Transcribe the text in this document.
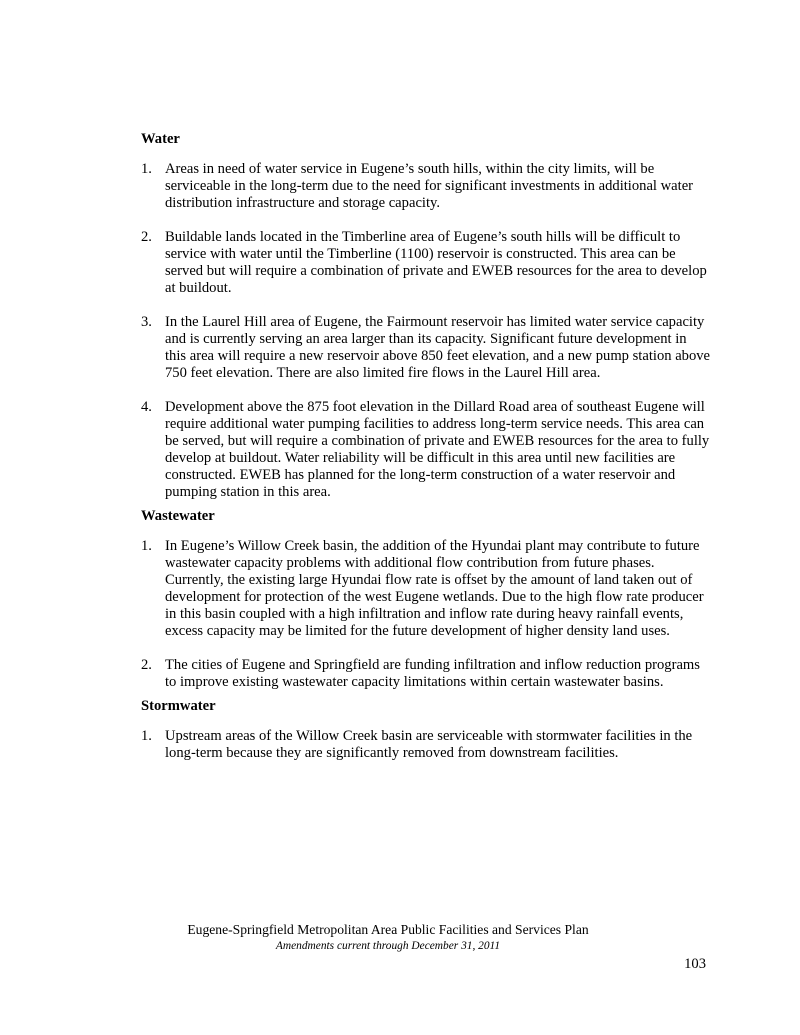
Water
1. Areas in need of water service in Eugene’s south hills, within the city limits, will be serviceable in the long-term due to the need for significant investments in additional water distribution infrastructure and storage capacity.
2. Buildable lands located in the Timberline area of Eugene’s south hills will be difficult to service with water until the Timberline (1100) reservoir is constructed. This area can be served but will require a combination of private and EWEB resources for the area to develop at buildout.
3. In the Laurel Hill area of Eugene, the Fairmount reservoir has limited water service capacity and is currently serving an area larger than its capacity. Significant future development in this area will require a new reservoir above 850 feet elevation, and a new pump station above 750 feet elevation. There are also limited fire flows in the Laurel Hill area.
4. Development above the 875 foot elevation in the Dillard Road area of southeast Eugene will require additional water pumping facilities to address long-term service needs. This area can be served, but will require a combination of private and EWEB resources for the area to fully develop at buildout. Water reliability will be difficult in this area until new facilities are constructed. EWEB has planned for the long-term construction of a water reservoir and pumping station in this area.
Wastewater
1. In Eugene’s Willow Creek basin, the addition of the Hyundai plant may contribute to future wastewater capacity problems with additional flow contribution from future phases. Currently, the existing large Hyundai flow rate is offset by the amount of land taken out of development for protection of the west Eugene wetlands. Due to the high flow rate producer in this basin coupled with a high infiltration and inflow rate during heavy rainfall events, excess capacity may be limited for the future development of higher density land uses.
2. The cities of Eugene and Springfield are funding infiltration and inflow reduction programs to improve existing wastewater capacity limitations within certain wastewater basins.
Stormwater
1. Upstream areas of the Willow Creek basin are serviceable with stormwater facilities in the long-term because they are significantly removed from downstream facilities.
Eugene-Springfield Metropolitan Area Public Facilities and Services Plan
Amendments current through December 31, 2011
103
